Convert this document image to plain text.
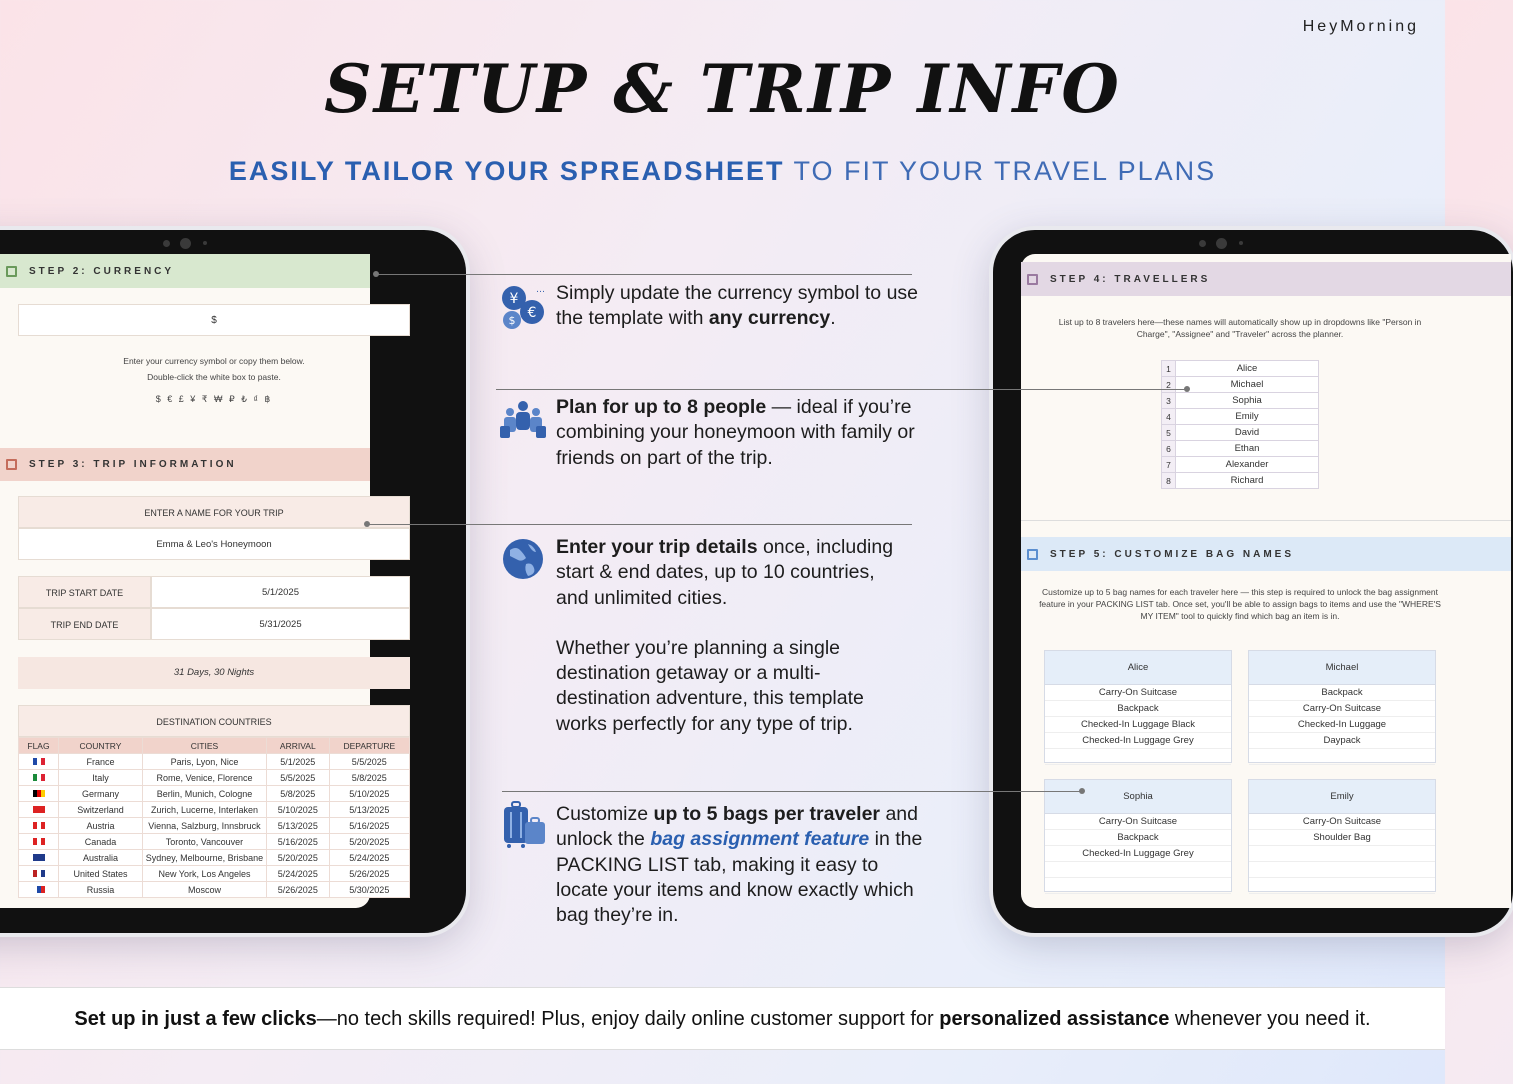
HeyMorning
SETUP & TRIP INFO
EASILY TAILOR YOUR SPREADSHEET TO FIT YOUR TRAVEL PLANS
STEP 2: CURRENCY
$
Enter your currency symbol or copy them below.
Double-click the white box to paste.
$ € £ ¥ ₹ ₩ ₽ ₺ ₫ ฿
STEP 3: TRIP INFORMATION
ENTER A NAME FOR YOUR TRIP
Emma & Leo's Honeymoon
TRIP START DATE	5/1/2025
TRIP END DATE	5/31/2025
31 Days, 30 Nights
DESTINATION COUNTRIES
FLAG	COUNTRY	CITIES	ARRIVAL	DEPARTURE
	France	Paris, Lyon, Nice	5/1/2025	5/5/2025
	Italy	Rome, Venice, Florence	5/5/2025	5/8/2025
	Germany	Berlin, Munich, Cologne	5/8/2025	5/10/2025
	Switzerland	Zurich, Lucerne, Interlaken	5/10/2025	5/13/2025
	Austria	Vienna, Salzburg, Innsbruck	5/13/2025	5/16/2025
	Canada	Toronto, Vancouver	5/16/2025	5/20/2025
	Australia	Sydney, Melbourne, Brisbane	5/20/2025	5/24/2025
	United States	New York, Los Angeles	5/24/2025	5/26/2025
	Russia	Moscow	5/26/2025	5/30/2025
STEP 4: TRAVELLERS
List up to 8 travelers here—these names will automatically show up in dropdowns like "Person in Charge", "Assignee" and "Traveler" across the planner.
1	Alice
2	Michael
3	Sophia
4	Emily
5	David
6	Ethan
7	Alexander
8	Richard
STEP 5: CUSTOMIZE BAG NAMES
Customize up to 5 bag names for each traveler here — this step is required to unlock the bag assignment feature in your PACKING LIST tab. Once set, you'll be able to assign bags to items and use the "WHERE'S MY ITEM" tool to quickly find which bag an item is in.
Alice
Carry-On Suitcase
Backpack
Checked-In Luggage Black
Checked-In Luggage Grey
Michael
Backpack
Carry-On Suitcase
Checked-In Luggage
Daypack
Sophia
Carry-On Suitcase
Backpack
Checked-In Luggage Grey
Emily
Carry-On Suitcase
Shoulder Bag
¥
€
$
… Simply update the currency symbol to use the template with any currency.
Plan for up to 8 people — ideal if you’re combining your honeymoon with family or friends on part of the trip.
Enter your trip details once, including start & end dates, up to 10 countries, and unlimited cities.
Whether you’re planning a single destination getaway or a multi-destination adventure, this template works perfectly for any type of trip.
Customize up to 5 bags per traveler and unlock the bag assignment feature in the PACKING LIST tab, making it easy to locate your items and know exactly which bag they’re in.
Set up in just a few clicks—no tech skills required! Plus, enjoy daily online customer support for personalized assistance whenever you need it.
